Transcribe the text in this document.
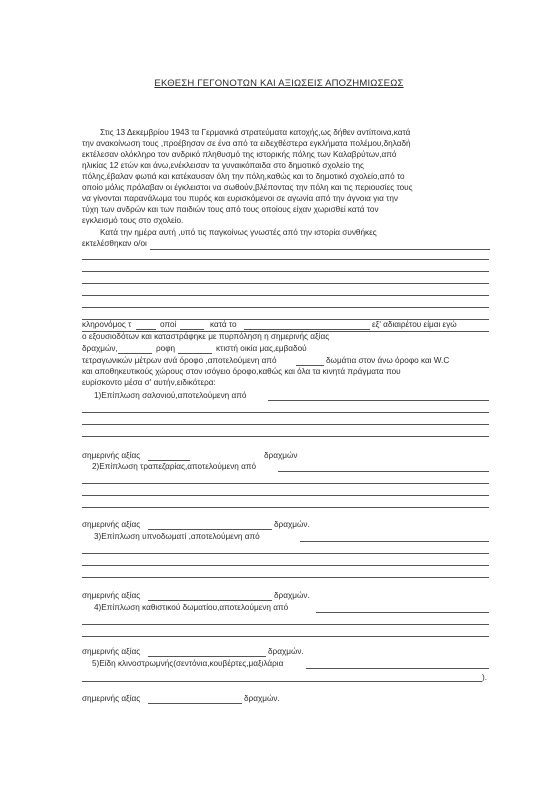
ΕΚΘΕΣΗ ΓΕΓΟΝΟΤΩΝ ΚΑΙ ΑΞΙΩΣΕΙΣ ΑΠΟΖΗΜΙΩΣΕΩΣ
Στις 13 Δεκεμβρίου 1943 τα Γερμανικά στρατεύματα κατοχής,ως δήθεν αντίποινα,κατά
την ανακοίνωση τους ,προέβησαν σε ένα από τα ειδεχθέστερα εγκλήματα πολέμου,δηλαδή
εκτέλεσαν ολόκληρο τον ανδρικό πληθυσμό της ιστορικής πόλης των Καλαβρύτων,από
ηλικίας 12 ετών και άνω,ενέκλεισαν τα γυναικόπαιδα στο δημοτικό σχολείο της
πόλης,έβαλαν φωτιά και κατέκαυσαν όλη την πόλη,καθώς και το δημοτικό σχολείο,από το
οποίο μόλις πρόλαβαν οι έγκλειστοι να σωθούν,βλέποντας την πόλη και τις περιουσίες τους
να γίνονται παρανάλωμα του πυρός και ευρισκόμενοι σε αγωνία από την άγνοια για την
τύχη των ανδρών και των παιδιών τους από τους οποίους είχαν χωρισθεί κατά τον
εγκλεισμό τους στο σχολείο.
Κατά την ημέρα αυτή ,υπό τις παγκοίνως γνωστές από την ιστορία συνθήκες
εκτελέσθηκαν ο/οι
κληρονόμος τ	οποί	κατά το	εξ' αδιαιρέτου είμαι εγώ
ο εξουσιοδότων και καταστράφηκε με πυρπόληση η σημερινής αξίας
δραχμών,	ροφη	κτιστή οικία μας,εμβαδού
τετραγωνικών μέτρων ανά όροφο ,αποτελούμενη από	δωμάτια στον άνω όροφο και W.C
και αποθηκευτικούς χώρους στον ισόγειο όροφο,καθώς και όλα τα κινητά πράγματα που
ευρίσκοντο μέσα σ' αυτήν,ειδικότερα:
1)Επίπλωση σαλονιού,αποτελούμενη από
σημερινής αξίας	δραχμών
2)Επίπλωση τραπεζαρίας,αποτελούμενη από
σημερινής αξίας	δραχμών.
3)Επίπλωση υπνοδωματί ,αποτελούμενη από
σημερινής αξίας	δραχμών.
4)Επίπλωση καθιστικού δωματίου,αποτελούμενη από
σημερινής αξίας	δραχμών.
5)Είδη κλινοστρωμνής(σεντόνια,κουβέρτες,μαξιλάρια
).
σημερινής αξίας	δραχμών.
